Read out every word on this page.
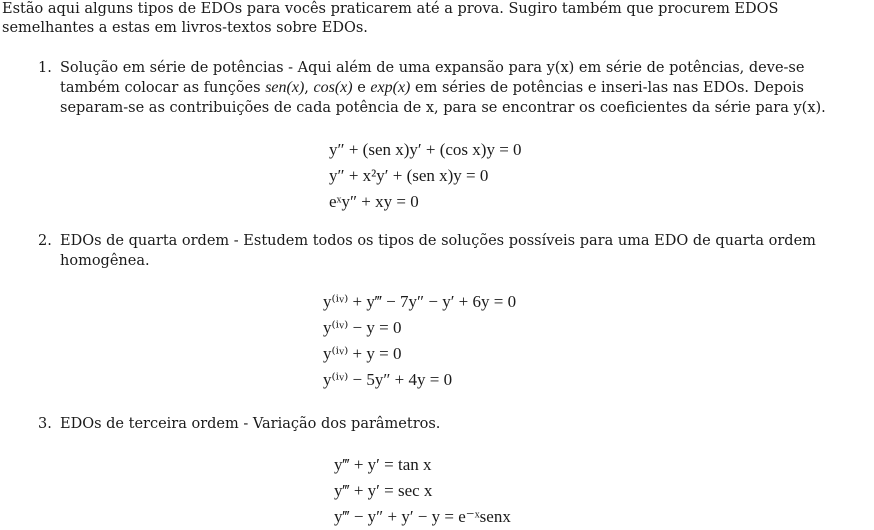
Estão aqui alguns tipos de EDOs para vocês praticarem até a prova. Sugiro também que procurem EDOS semelhantes a estas em livros-textos sobre EDOs.
1. Solução em série de potências - Aqui além de uma expansão para y(x) em série de potências, deve-se também colocar as funções sen(x), cos(x) e exp(x) em séries de potências e inseri-las nas EDOs. Depois separam-se as contribuições de cada potência de x, para se encontrar os coeficientes da série para y(x).
y″ + (sen x)y′ + (cos x)y = 0
y″ + x²y′ + (sen x)y = 0
eˣy″ + xy = 0
2. EDOs de quarta ordem - Estudem todos os tipos de soluções possíveis para uma EDO de quarta ordem homogênea.
y⁽ⁱᵛ⁾ + y‴ − 7y″ − y′ + 6y = 0
y⁽ⁱᵛ⁾ − y = 0
y⁽ⁱᵛ⁾ + y = 0
y⁽ⁱᵛ⁾ − 5y″ + 4y = 0
3. EDOs de terceira ordem - Variação dos parâmetros.
y‴ + y′ = tan x
y‴ + y′ = sec x
y‴ − y″ + y′ − y = e⁻ˣsenx
